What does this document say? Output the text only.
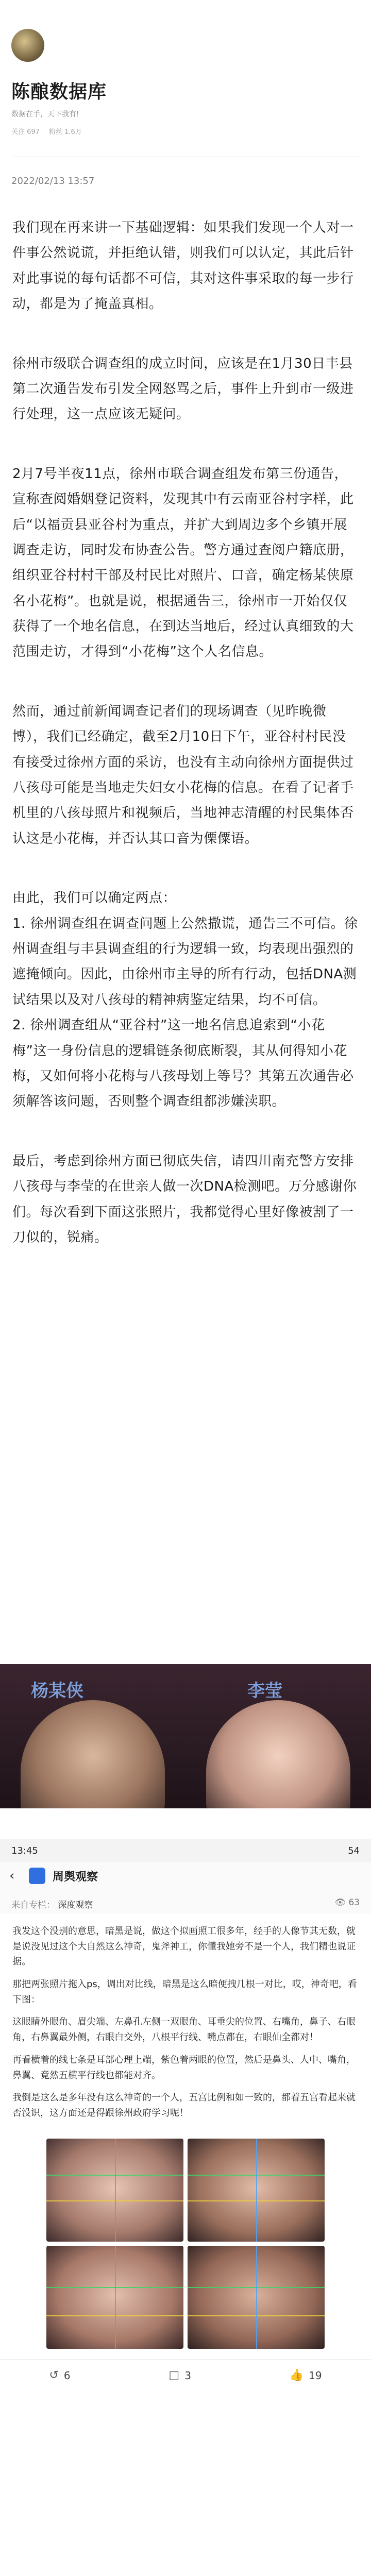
陈酿数据库
数据在手，天下我有!
关注 697 粉丝 1.6万
2022/02/13 13:57

我们现在再来讲一下基础逻辑：如果我们发现一个人对一件事公然说谎，并拒绝认错，则我们可以认定，其此后针对此事说的每句话都不可信，其对这件事采取的每一步行动，都是为了掩盖真相。

徐州市级联合调查组的成立时间，应该是在1月30日丰县第二次通告发布引发全网怒骂之后，事件上升到市一级进行处理，这一点应该无疑问。

2月7号半夜11点，徐州市联合调查组发布第三份通告，宣称查阅婚姻登记资料，发现其中有云南亚谷村字样，此后“以福贡县亚谷村为重点，并扩大到周边多个乡镇开展调查走访，同时发布协查公告。警方通过查阅户籍底册，组织亚谷村村干部及村民比对照片、口音，确定杨某侠原名小花梅”。也就是说，根据通告三，徐州市一开始仅仅获得了一个地名信息，在到达当地后，经过认真细致的大范围走访，才得到“小花梅”这个人名信息。

然而，通过前新闻调查记者们的现场调查（见昨晚微博），我们已经确定，截至2月10日下午，亚谷村村民没有接受过徐州方面的采访，也没有主动向徐州方面提供过八孩母可能是当地走失妇女小花梅的信息。在看了记者手机里的八孩母照片和视频后，当地神志清醒的村民集体否认这是小花梅，并否认其口音为傈僳语。

由此，我们可以确定两点：
1. 徐州调查组在调查问题上公然撒谎，通告三不可信。徐州调查组与丰县调查组的行为逻辑一致，均表现出强烈的遮掩倾向。因此，由徐州市主导的所有行动，包括DNA测试结果以及对八孩母的精神病鉴定结果，均不可信。
2. 徐州调查组从“亚谷村”这一地名信息追索到“小花梅”这一身份信息的逻辑链条彻底断裂，其从何得知小花梅，又如何将小花梅与八孩母划上等号？其第五次通告必须解答该问题，否则整个调查组都涉嫌渎职。

最后，考虑到徐州方面已彻底失信，请四川南充警方安排八孩母与李莹的在世亲人做一次DNA检测吧。万分感谢你们。每次看到下面这张照片，我都觉得心里好像被割了一刀似的，锐痛。

杨某侠	李莹
13:45	54
‹	周舆观察
来自专栏： 深度观察	👁 63

我发这个没别的意思，暗黑是说，做这个拟画照工很多年，经手的人像节其无数，就是说没见过这个大自然这么神奇，鬼斧神工，你懂我她旁不是一个人，我们精也说证据。

那把两张照片拖入ps，调出对比线，暗黑是这么暗便拽几根一对比，哎，神奇吧，看下图：

这眼睛外眼角、眉尖端、左鼻孔左侧一双眼角、耳垂尖的位置、右嘴角，鼻子、右眼角，右鼻翼最外侧，右眼白交外，八根平行线、嘴点都在，右眼仙全都对！

再看横着的线七条是耳部心理上端，紫色着两眼的位置，然后是鼻头、人中、嘴角，鼻翼、竟然五横平行线也都能对齐。

我倒是这么是多年没有这么神奇的一个人，五宫比例和如一致的，都着五宫看起来就否没识，这方面还是得跟徐州政府学习呢！

↺ 6	□ 3	👍 19
